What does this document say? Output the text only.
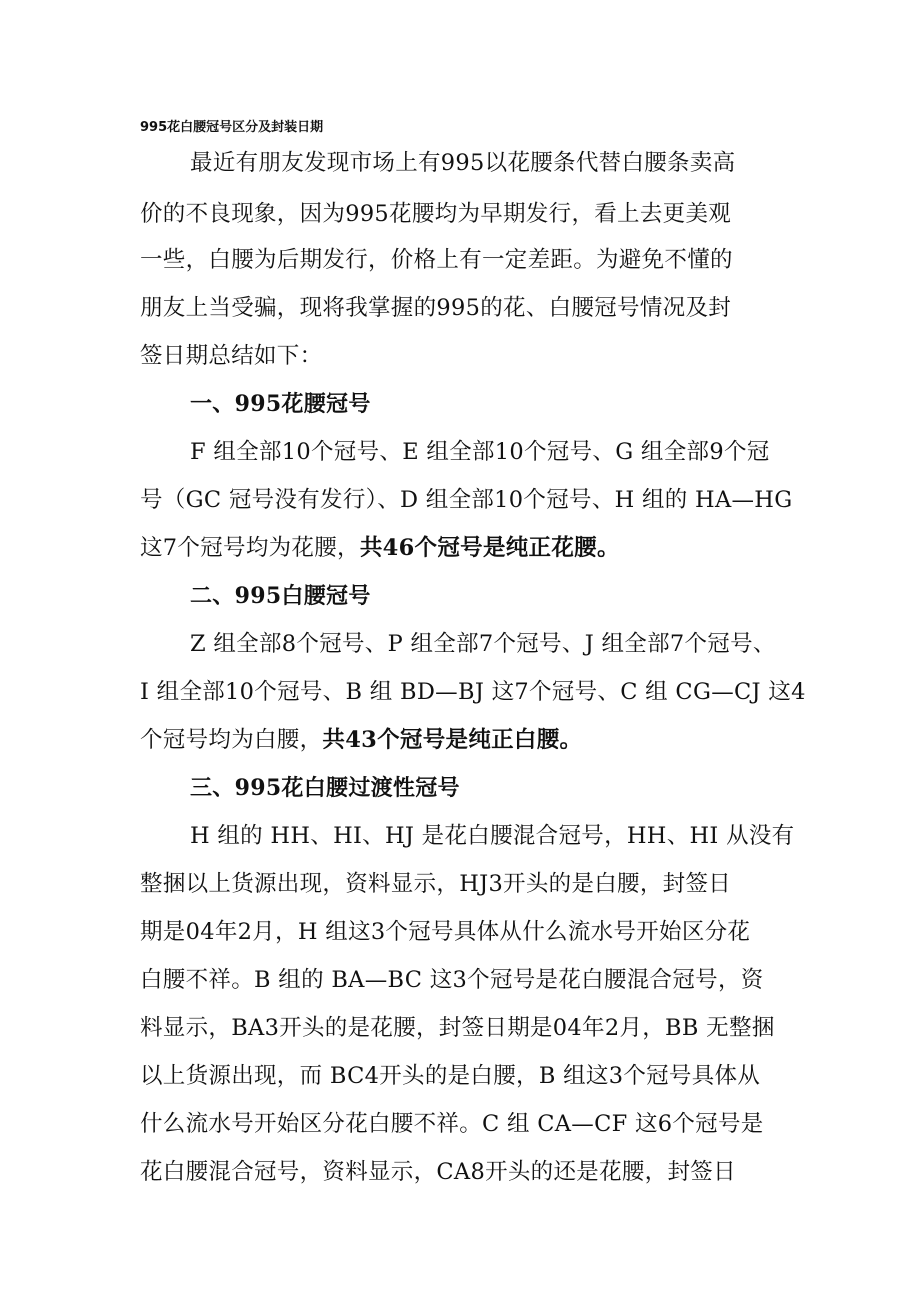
995花白腰冠号区分及封装日期
最近有朋友发现市场上有995以花腰条代替白腰条卖高
价的不良现象，因为995花腰均为早期发行，看上去更美观
一些，白腰为后期发行，价格上有一定差距。为避免不懂的
朋友上当受骗，现将我掌握的995的花、白腰冠号情况及封
签日期总结如下：
一、995花腰冠号
F 组全部10个冠号、E 组全部10个冠号、G 组全部9个冠
号（GC 冠号没有发行）、D 组全部10个冠号、H 组的 HA—HG
这7个冠号均为花腰，共46个冠号是纯正花腰。
二、995白腰冠号
Z 组全部8个冠号、P 组全部7个冠号、J 组全部7个冠号、
I 组全部10个冠号、B 组 BD—BJ 这7个冠号、C 组 CG—CJ 这4
个冠号均为白腰，共43个冠号是纯正白腰。
三、995花白腰过渡性冠号
H 组的 HH、HI、HJ 是花白腰混合冠号，HH、HI 从没有
整捆以上货源出现，资料显示，HJ3开头的是白腰，封签日
期是04年2月，H 组这3个冠号具体从什么流水号开始区分花
白腰不祥。B 组的 BA—BC 这3个冠号是花白腰混合冠号，资
料显示，BA3开头的是花腰，封签日期是04年2月，BB 无整捆
以上货源出现，而 BC4开头的是白腰，B 组这3个冠号具体从
什么流水号开始区分花白腰不祥。C 组 CA—CF 这6个冠号是
花白腰混合冠号，资料显示，CA8开头的还是花腰，封签日
